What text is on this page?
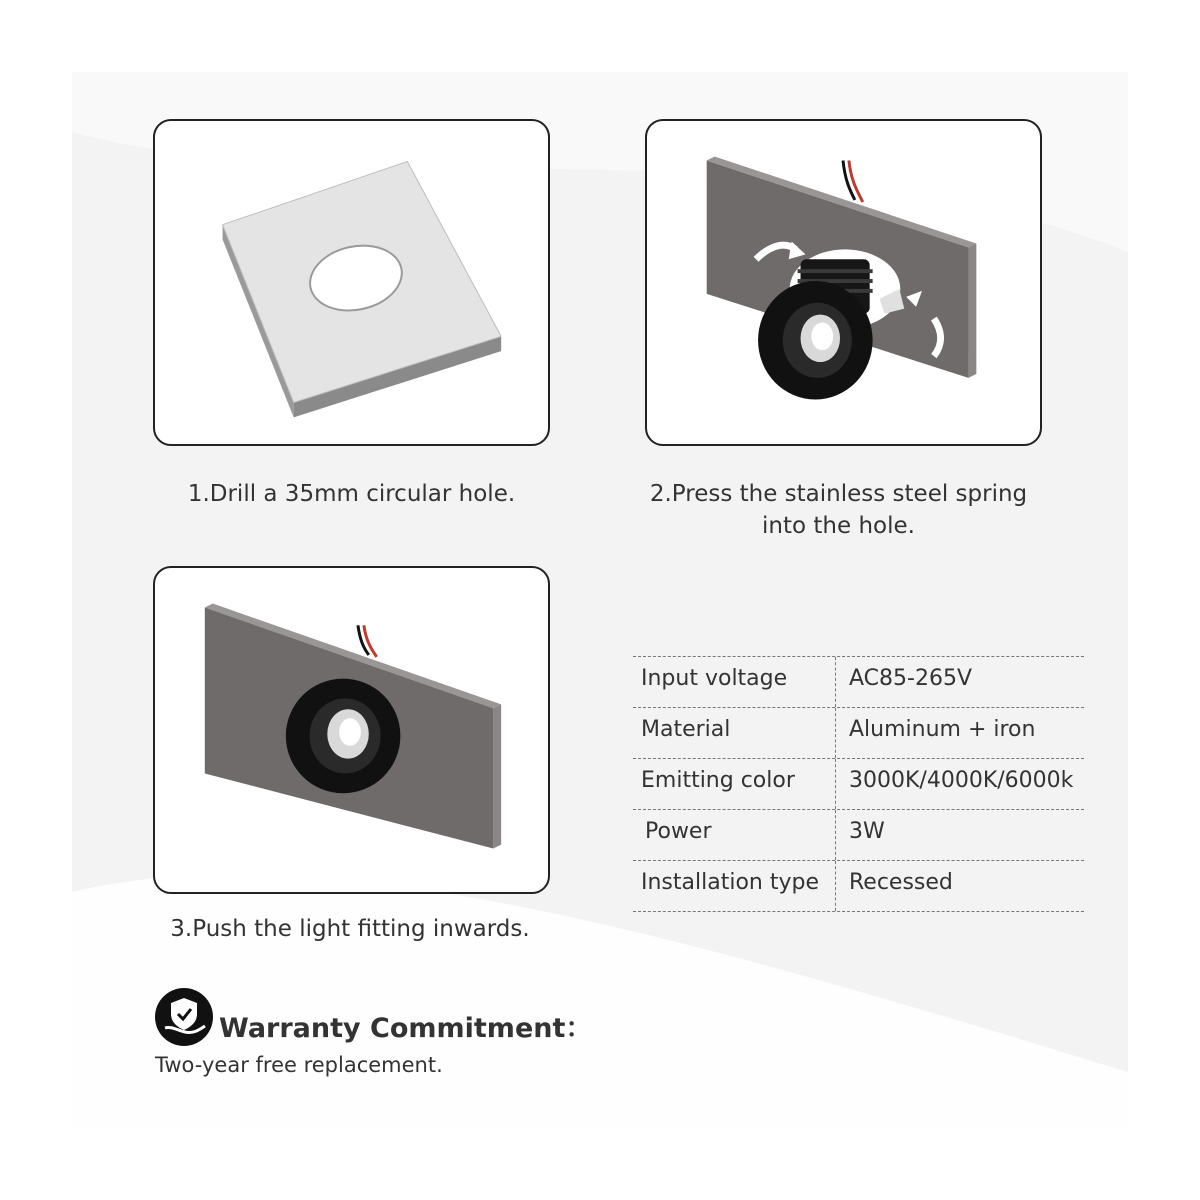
1.Drill a 35mm circular hole.	2.Press the stainless steel spring
into the hole.
3.Push the light fitting inwards.
Input voltage	AC85-265V
Material	Aluminum + iron
Emitting color 3000K/4000K/6000k
Power	3W
Installation type Recessed
Warranty Commitment：
Two-year free replacement.
